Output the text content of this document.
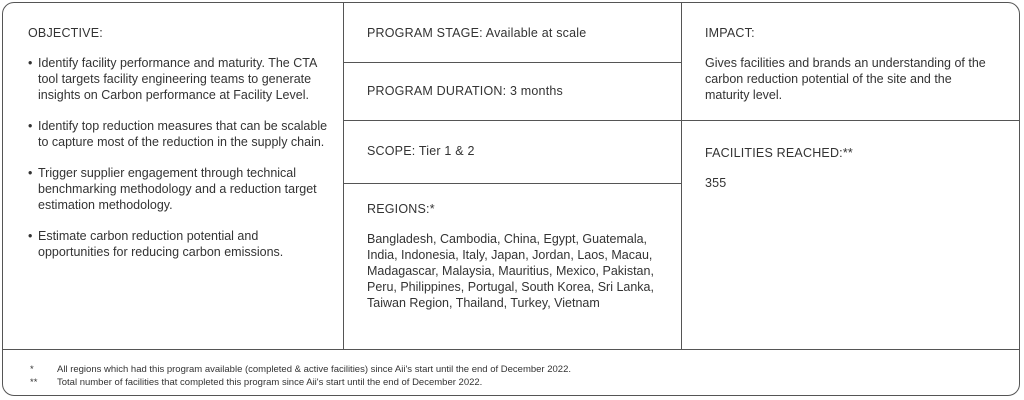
OBJECTIVE:
• Identify facility performance and maturity. The CTA tool targets facility engineering teams to generate insights on Carbon performance at Facility Level.
• Identify top reduction measures that can be scalable to capture most of the reduction in the supply chain.
• Trigger supplier engagement through technical benchmarking methodology and a reduction target estimation methodology.
• Estimate carbon reduction potential and opportunities for reducing carbon emissions.
PROGRAM STAGE: Available at scale
PROGRAM DURATION: 3 months
SCOPE: Tier 1 & 2
REGIONS:*
Bangladesh, Cambodia, China, Egypt, Guatemala, India, Indonesia, Italy, Japan, Jordan, Laos, Macau, Madagascar, Malaysia, Mauritius, Mexico, Pakistan, Peru, Philippines, Portugal, South Korea, Sri Lanka, Taiwan Region, Thailand, Turkey, Vietnam
IMPACT:
Gives facilities and brands an understanding of the carbon reduction potential of the site and the maturity level.
FACILITIES REACHED:**
355
* All regions which had this program available (completed & active facilities) since Aii's start until the end of December 2022.
** Total number of facilities that completed this program since Aii's start until the end of December 2022.
